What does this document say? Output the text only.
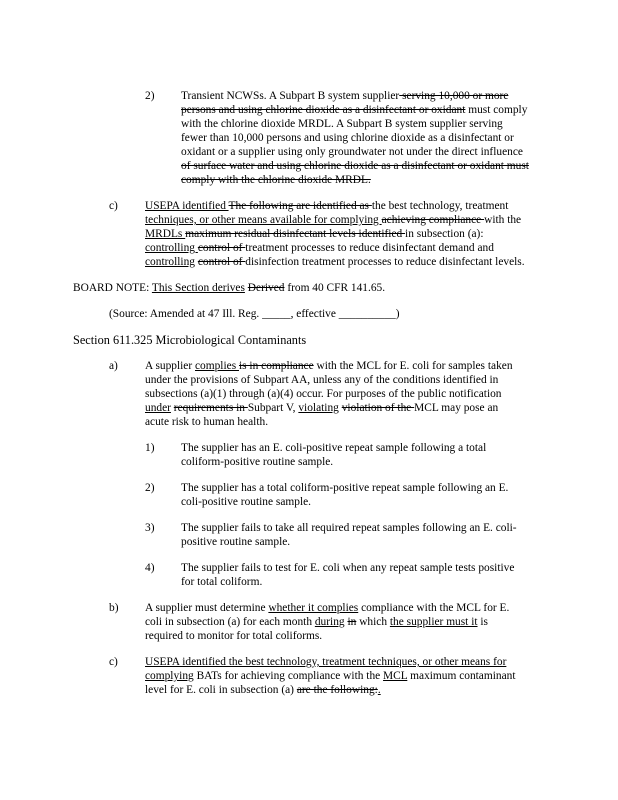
2) Transient NCWSs. A Subpart B system supplier serving 10,000 or more
persons and using chlorine dioxide as a disinfectant or oxidant must comply
with the chlorine dioxide MRDL. A Subpart B system supplier serving
fewer than 10,000 persons and using chlorine dioxide as a disinfectant or
oxidant or a supplier using only groundwater not under the direct influence
of surface water and using chlorine dioxide as a disinfectant or oxidant must
comply with the chlorine dioxide MRDL.
c) USEPA identified The following are identified as the best technology, treatment
techniques, or other means available for complying achieving compliance with the
MRDLs maximum residual disinfectant levels identified in subsection (a):
controlling control of treatment processes to reduce disinfectant demand and
controlling control of disinfection treatment processes to reduce disinfectant levels.
BOARD NOTE: This Section derives Derived from 40 CFR 141.65.
(Source: Amended at 47 Ill. Reg. _____, effective __________)
Section 611.325 Microbiological Contaminants
a) A supplier complies is in compliance with the MCL for E. coli for samples taken
under the provisions of Subpart AA, unless any of the conditions identified in
subsections (a)(1) through (a)(4) occur. For purposes of the public notification
under requirements in Subpart V, violating violation of the MCL may pose an
acute risk to human health.
1) The supplier has an E. coli-positive repeat sample following a total
coliform-positive routine sample.
2) The supplier has a total coliform-positive repeat sample following an E.
coli-positive routine sample.
3) The supplier fails to take all required repeat samples following an E. coli-
positive routine sample.
4) The supplier fails to test for E. coli when any repeat sample tests positive
for total coliform.
b) A supplier must determine whether it complies compliance with the MCL for E.
coli in subsection (a) for each month during in which the supplier must it is
required to monitor for total coliforms.
c) USEPA identified the best technology, treatment techniques, or other means for
complying BATs for achieving compliance with the MCL maximum contaminant
level for E. coli in subsection (a) are the following:.
